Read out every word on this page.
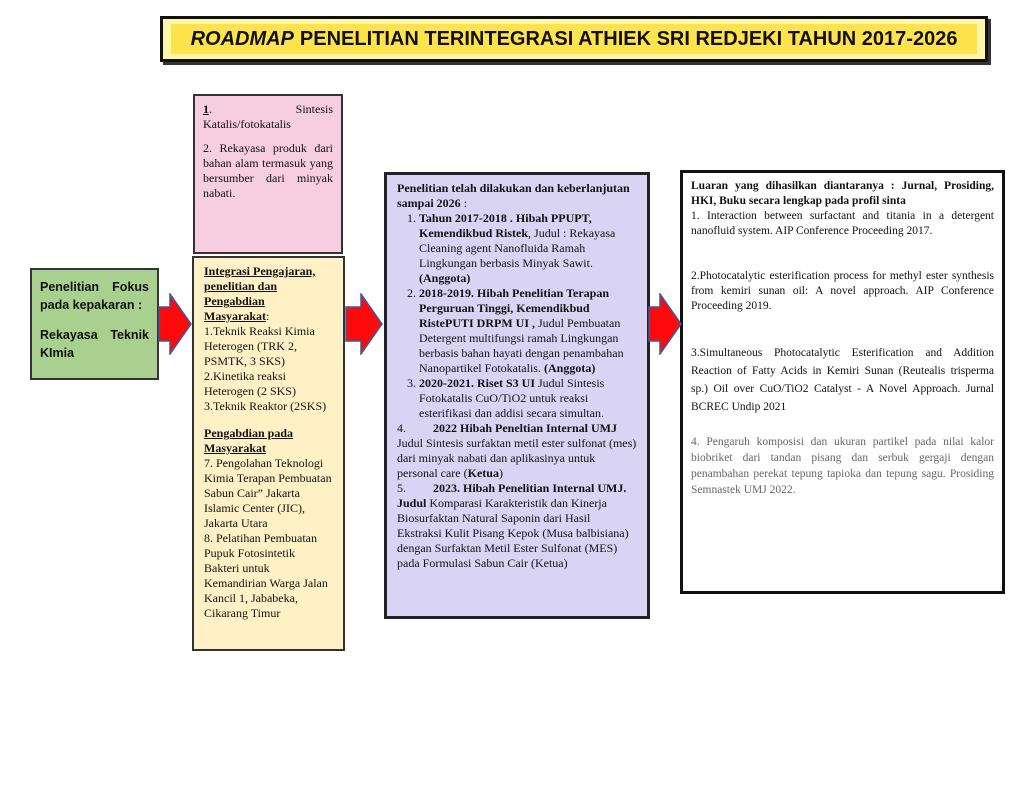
ROADMAP PENELITIAN TERINTEGRASI ATHIEK SRI REDJEKI TAHUN 2017-2026
Penelitian Fokus pada kepakaran :
Rekayasa Teknik KImia

1. Sintesis Katalis/fotokatalis

2. Rekayasa produk dari bahan alam termasuk yang bersumber dari minyak nabati.

Integrasi Pengajaran, penelitian dan Pengabdian Masyarakat:
1.Teknik Reaksi Kimia Heterogen (TRK 2, PSMTK, 3 SKS)
2.Kinetika reaksi Heterogen (2 SKS)
3.Teknik Reaktor (2SKS)
Pengabdian pada Masyarakat
7. Pengolahan Teknologi Kimia Terapan Pembuatan Sabun Cair” Jakarta Islamic Center (JIC), Jakarta Utara
8. Pelatihan Pembuatan Pupuk Fotosintetik Bakteri untuk Kemandirian Warga Jalan Kancil 1, Jababeka, Cikarang Timur
Penelitian telah dilakukan dan keberlanjutan sampai 2026 :
1. Tahun 2017-2018 . Hibah PPUPT, Kemendikbud Ristek, Judul : Rekayasa Cleaning agent Nanofluida Ramah Lingkungan berbasis Minyak Sawit. (Anggota)
2. 2018-2019. Hibah Penelitian Terapan Perguruan Tinggi, Kemendikbud RistePUTI DRPM UI , Judul Pembuatan Detergent multifungsi ramah Lingkungan berbasis bahan hayati dengan penambahan Nanopartikel Fotokatalis. (Anggota)
3. 2020-2021. Riset S3 UI Judul Sintesis Fotokatalis CuO/TiO2 untuk reaksi esterifikasi dan addisi secara simultan.
4. 2022 Hibah Peneltian Internal UMJ Judul Sintesis surfaktan metil ester sulfonat (mes) dari minyak nabati dan aplikasinya untuk personal care (Ketua)
5. 2023. Hibah Penelitian Internal UMJ. Judul Komparasi Karakteristik dan Kinerja Biosurfaktan Natural Saponin dari Hasil Ekstraksi Kulit Pisang Kepok (Musa balbisiana) dengan Surfaktan Metil Ester Sulfonat (MES) pada Formulasi Sabun Cair (Ketua)
Luaran yang dihasilkan diantaranya : Jurnal, Prosiding, HKI, Buku secara lengkap pada profil sinta

1. Interaction between surfactant and titania in a detergent nanofluid system. AIP Conference Proceeding 2017.

2.Photocatalytic esterification process for methyl ester synthesis from kemiri sunan oil: A novel approach. AIP Conference Proceeding 2019.

3.Simultaneous Photocatalytic Esterification and Addition Reaction of Fatty Acids in Kemiri Sunan (Reutealis trisperma sp.) Oil over CuO/TiO2 Catalyst - A Novel Approach. Jurnal BCREC Undip 2021

4. Pengaruh komposisi dan ukuran partikel pada nilai kalor biobriket dari tandan pisang dan serbuk gergaji dengan penambahan perekat tepung tapioka dan tepung sagu. Prosiding Semnastek UMJ 2022.
